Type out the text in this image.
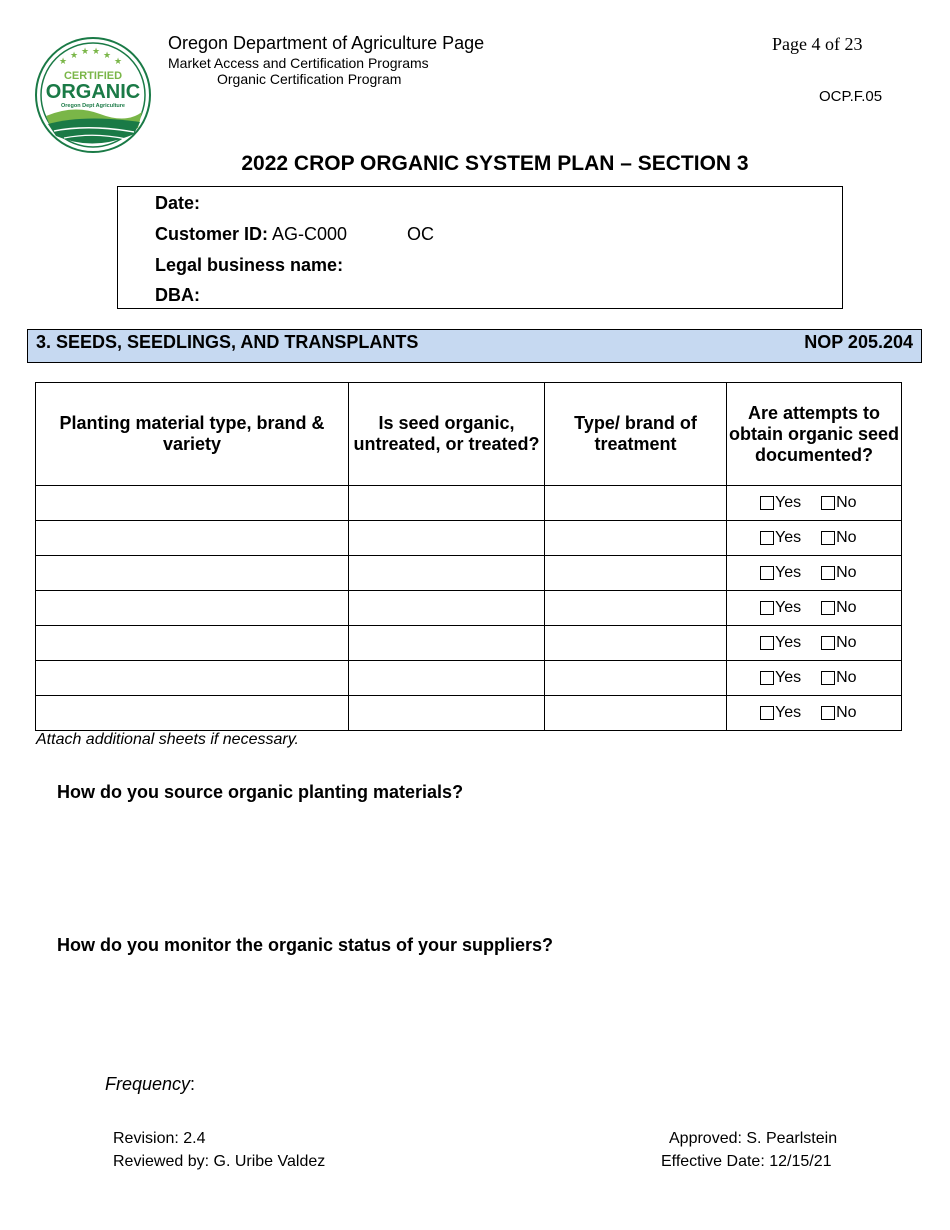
★ ★ ★ ★
★	★
CERTIFIED
ORGANIC
Oregon Dept Agriculture
Oregon Department of Agriculture Page
Market Access and Certification Programs
Organic Certification Program
Page 4 of 23
OCP.F.05
2022 CROP ORGANIC SYSTEM PLAN – SECTION 3
Date:
Customer ID: AG-C000	OC
Legal business name:
DBA:
3. SEEDS, SEEDLINGS, AND TRANSPLANTS	NOP 205.204
Planting material type, brand & variety	Is seed organic, untreated, or treated?	Type/ brand of treatment	Are attempts to obtain organic seed documented?

			Yes No

			Yes No

			Yes No

			Yes No

			Yes No

			Yes No

			Yes No
Attach additional sheets if necessary.
How do you source organic planting materials?
How do you monitor the organic status of your suppliers?
Frequency:
Revision: 2.4
Reviewed by: G. Uribe Valdez
Approved: S. Pearlstein
Effective Date: 12/15/21
